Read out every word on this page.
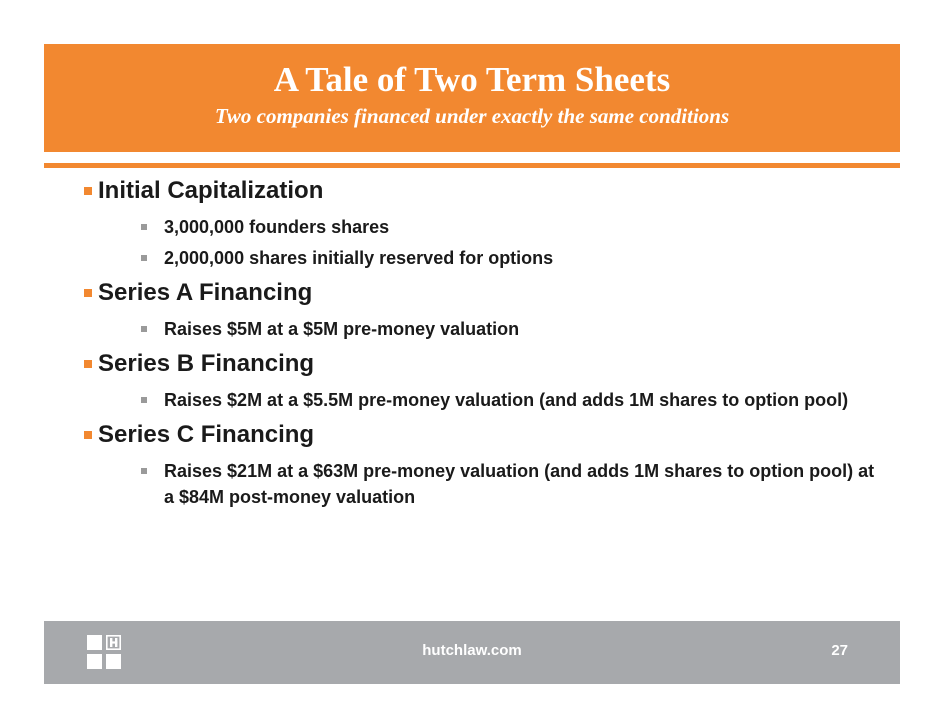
A Tale of Two Term Sheets
Two companies financed under exactly the same conditions
Initial Capitalization
3,000,000 founders shares
2,000,000 shares initially reserved for options
Series A Financing
Raises $5M at a $5M pre-money valuation
Series B Financing
Raises $2M at a $5.5M pre-money valuation (and adds 1M shares to option pool)
Series C Financing
Raises $21M at a $63M pre-money valuation (and adds 1M shares to option pool) at a $84M post-money valuation
hutchlaw.com	27
